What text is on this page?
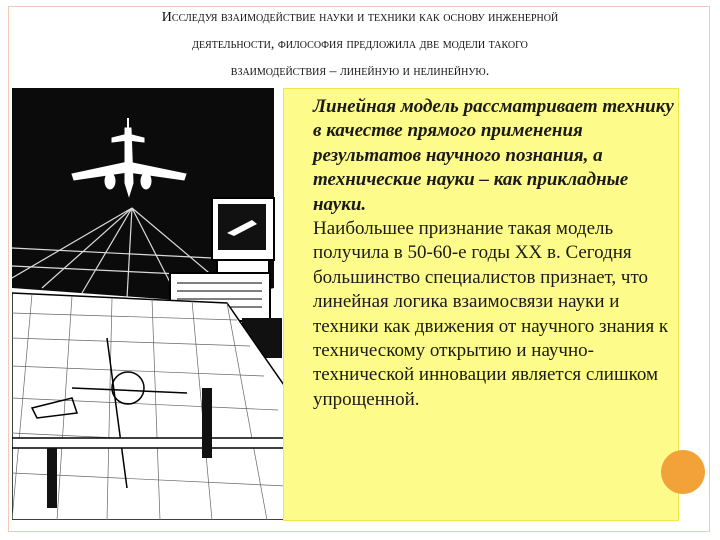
Исследуя взаимодействие науки и техники как основу инженерной
деятельности, философия предложила две модели такого
взаимодействия – линейную и нелинейную.
Линейная модель рассматривает технику в качестве прямого применения результатов научного познания, а технические науки – как прикладные науки.
Наибольшее признание такая модель получила в 50-60-е годы XX в. Сегодня большинство специалистов признает, что линейная логика взаимосвязи науки и техники как движения от научного знания к техническому открытию и научно-технической инновации является слишком упрощенной.
